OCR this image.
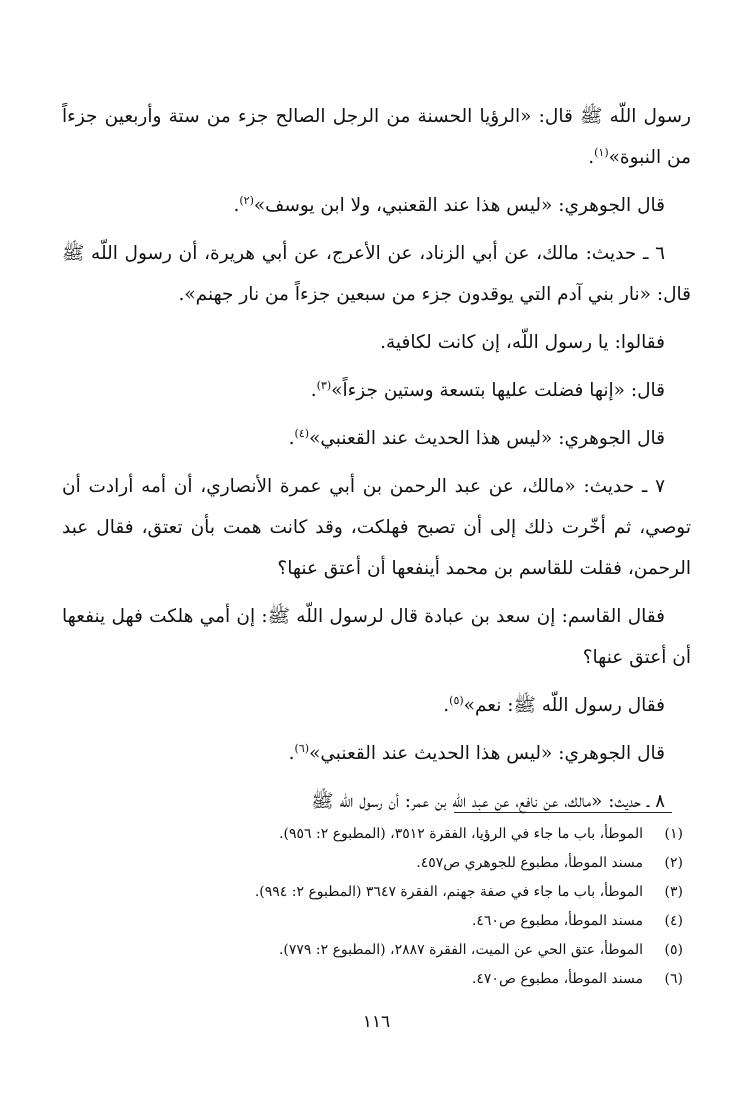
رسول اللّه ﷺ قال: «الرؤيا الحسنة من الرجل الصالح جزء من ستة وأربعين جزءاً من النبوة»$^{(١)}$.

قال الجوهري: «ليس هذا عند القعنبي، ولا ابن يوسف»$^{(٢)}$.

٦ ـ حديث: مالك، عن أبي الزناد، عن الأعرج، عن أبي هريرة، أن رسول اللّه ﷺ قال: «نار بني آدم التي يوقدون جزء من سبعين جزءاً من نار جهنم».

فقالوا: يا رسول اللّه، إن كانت لكافية.

قال: «إنها فضلت عليها بتسعة وستين جزءاً»$^{(٣)}$.

قال الجوهري: «ليس هذا الحديث عند القعنبي»$^{(٤)}$.

٧ ـ حديث: «مالك، عن عبد الرحمن بن أبي عمرة الأنصاري، أن أمه أرادت أن توصي، ثم أخّرت ذلك إلى أن تصبح فهلكت، وقد كانت همت بأن تعتق، فقال عبد الرحمن، فقلت للقاسم بن محمد أينفعها أن أعتق عنها؟

فقال القاسم: إن سعد بن عبادة قال لرسول اللّه ﷺ: إن أمي هلكت فهل ينفعها أن أعتق عنها؟

فقال رسول اللّه ﷺ: نعم»$^{(٥)}$.

قال الجوهري: «ليس هذا الحديث عند القعنبي»$^{(٦)}$.

٨ ـ حديث: «مالك، عن نافع، عن عبد اللّه بن عمر: أن رسول اللّه ﷺ

(١)
الموطأ، باب ما جاء في الرؤيا، الفقرة ٣٥١٢، (المطبوع ٢: ٩٥٦).
(٢)
مسند الموطأ، مطبوع للجوهري ص٤٥٧.
(٣)
الموطأ، باب ما جاء في صفة جهنم، الفقرة ٣٦٤٧ (المطبوع ٢: ٩٩٤).
(٤)
مسند الموطأ، مطبوع ص٤٦٠.
(٥)
الموطأ، عتق الحي عن الميت، الفقرة ٢٨٨٧، (المطبوع ٢: ٧٧٩).
(٦)
مسند الموطأ، مطبوع ص٤٧٠.
١١٦
